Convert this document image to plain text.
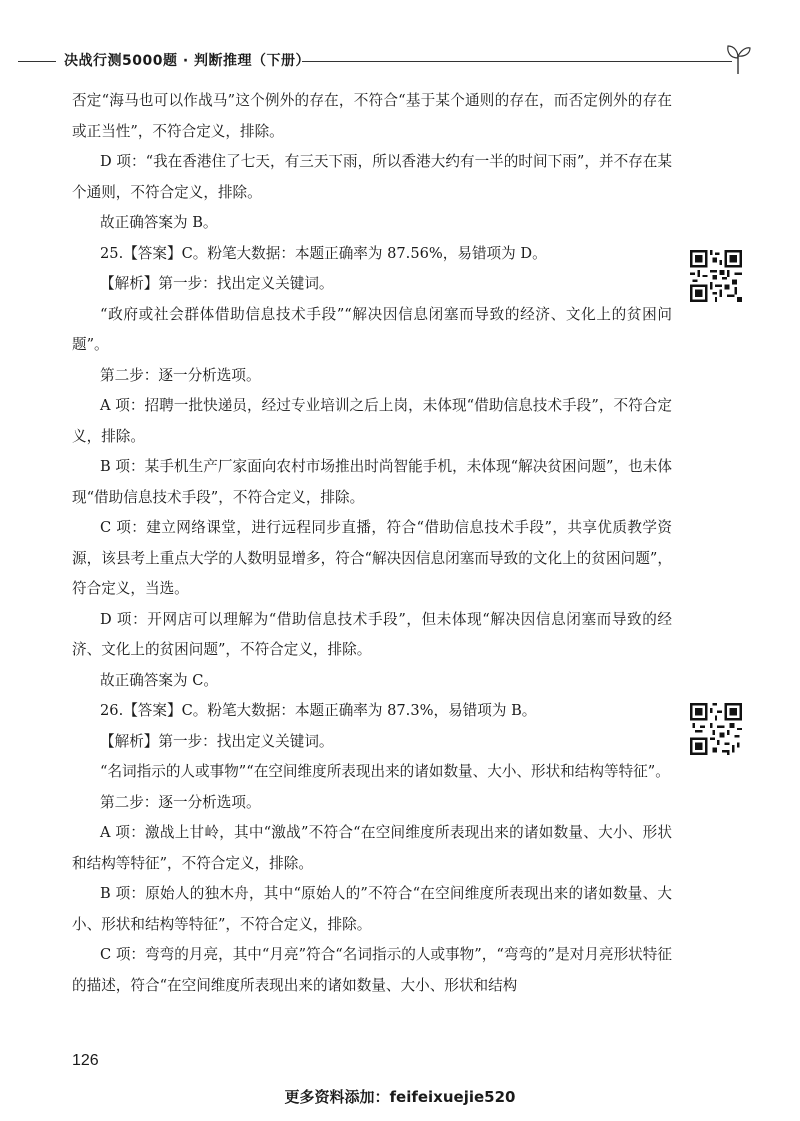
决战行测5000题 · 判断推理（下册）

否定“海马也可以作战马”这个例外的存在，不符合“基于某个通则的存在，而否定例外的存在或正当性”，不符合定义，排除。

D 项：“我在香港住了七天，有三天下雨，所以香港大约有一半的时间下雨”，并不存在某个通则，不符合定义，排除。

故正确答案为 B。

25.【答案】C。粉笔大数据：本题正确率为 87.56%，易错项为 D。

【解析】第一步：找出定义关键词。

“政府或社会群体借助信息技术手段”“解决因信息闭塞而导致的经济、文化上的贫困问题”。

第二步：逐一分析选项。

A 项：招聘一批快递员，经过专业培训之后上岗，未体现“借助信息技术手段”，不符合定义，排除。

B 项：某手机生产厂家面向农村市场推出时尚智能手机，未体现“解决贫困问题”，也未体现“借助信息技术手段”，不符合定义，排除。

C 项：建立网络课堂，进行远程同步直播，符合“借助信息技术手段”，共享优质教学资源，该县考上重点大学的人数明显增多，符合“解决因信息闭塞而导致的文化上的贫困问题”，符合定义，当选。

D 项：开网店可以理解为“借助信息技术手段”，但未体现“解决因信息闭塞而导致的经济、文化上的贫困问题”，不符合定义，排除。

故正确答案为 C。

26.【答案】C。粉笔大数据：本题正确率为 87.3%，易错项为 B。

【解析】第一步：找出定义关键词。

“名词指示的人或事物”“在空间维度所表现出来的诸如数量、大小、形状和结构等特征”。

第二步：逐一分析选项。

A 项：激战上甘岭，其中“激战”不符合“在空间维度所表现出来的诸如数量、大小、形状和结构等特征”，不符合定义，排除。

B 项：原始人的独木舟，其中“原始人的”不符合“在空间维度所表现出来的诸如数量、大小、形状和结构等特征”，不符合定义，排除。

C 项：弯弯的月亮，其中“月亮”符合“名词指示的人或事物”，“弯弯的”是对月亮形状特征的描述，符合“在空间维度所表现出来的诸如数量、大小、形状和结构

126
更多资料添加：feifeixuejie520
